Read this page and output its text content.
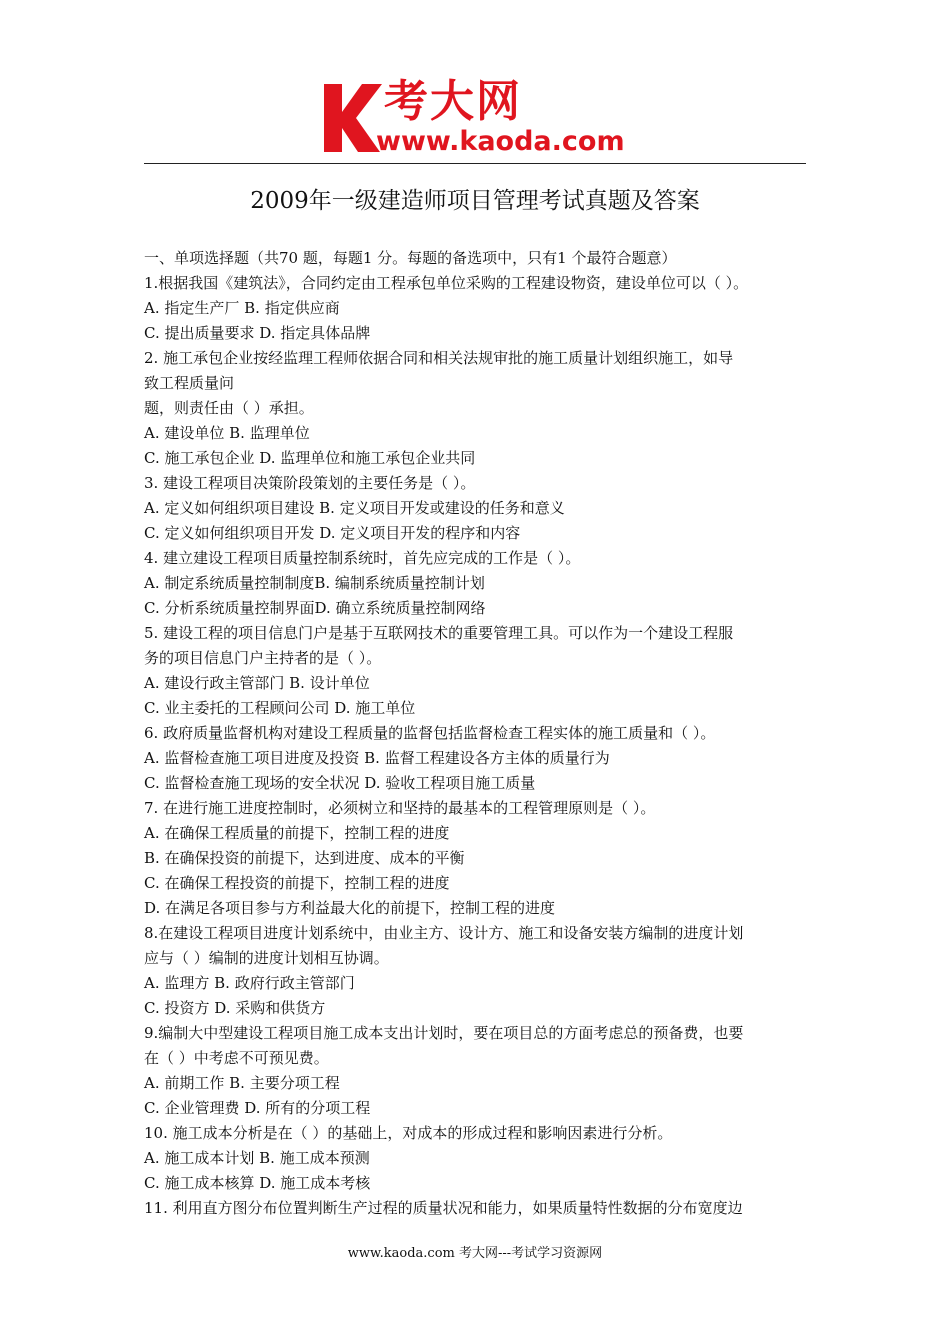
考大网
www.kaoda.com
2009年一级建造师项目管理考试真题及答案

一、单项选择题（共70 题，每题1 分。每题的备选项中，只有1 个最符合题意）

1.根据我国《建筑法》，合同约定由工程承包单位采购的工程建设物资，建设单位可以（ ）。

A. 指定生产厂 B. 指定供应商

C. 提出质量要求 D. 指定具体品牌

2. 施工承包企业按经监理工程师依据合同和相关法规审批的施工质量计划组织施工，如导

致工程质量问

题，则责任由（ ）承担。

A. 建设单位 B. 监理单位

C. 施工承包企业 D. 监理单位和施工承包企业共同

3. 建设工程项目决策阶段策划的主要任务是（ ）。

A. 定义如何组织项目建设 B. 定义项目开发或建设的任务和意义

C. 定义如何组织项目开发 D. 定义项目开发的程序和内容

4. 建立建设工程项目质量控制系统时，首先应完成的工作是（ ）。

A. 制定系统质量控制制度B. 编制系统质量控制计划

C. 分析系统质量控制界面D. 确立系统质量控制网络

5. 建设工程的项目信息门户是基于互联网技术的重要管理工具。可以作为一个建设工程服

务的项目信息门户主持者的是（ ）。

A. 建设行政主管部门 B. 设计单位

C. 业主委托的工程顾问公司 D. 施工单位

6. 政府质量监督机构对建设工程质量的监督包括监督检查工程实体的施工质量和（ ）。

A. 监督检查施工项目进度及投资 B. 监督工程建设各方主体的质量行为

C. 监督检查施工现场的安全状况 D. 验收工程项目施工质量

7. 在进行施工进度控制时，必须树立和坚持的最基本的工程管理原则是（ ）。

A. 在确保工程质量的前提下，控制工程的进度

B. 在确保投资的前提下，达到进度、成本的平衡

C. 在确保工程投资的前提下，控制工程的进度

D. 在满足各项目参与方利益最大化的前提下，控制工程的进度

8.在建设工程项目进度计划系统中，由业主方、设计方、施工和设备安装方编制的进度计划

应与（ ）编制的进度计划相互协调。

A. 监理方 B. 政府行政主管部门

C. 投资方 D. 采购和供货方

9.编制大中型建设工程项目施工成本支出计划时，要在项目总的方面考虑总的预备费，也要

在（ ）中考虑不可预见费。

A. 前期工作 B. 主要分项工程

C. 企业管理费 D. 所有的分项工程

10. 施工成本分析是在（ ）的基础上，对成本的形成过程和影响因素进行分析。

A. 施工成本计划 B. 施工成本预测

C. 施工成本核算 D. 施工成本考核

11. 利用直方图分布位置判断生产过程的质量状况和能力，如果质量特性数据的分布宽度边

www.kaoda.com 考大网---考试学习资源网
